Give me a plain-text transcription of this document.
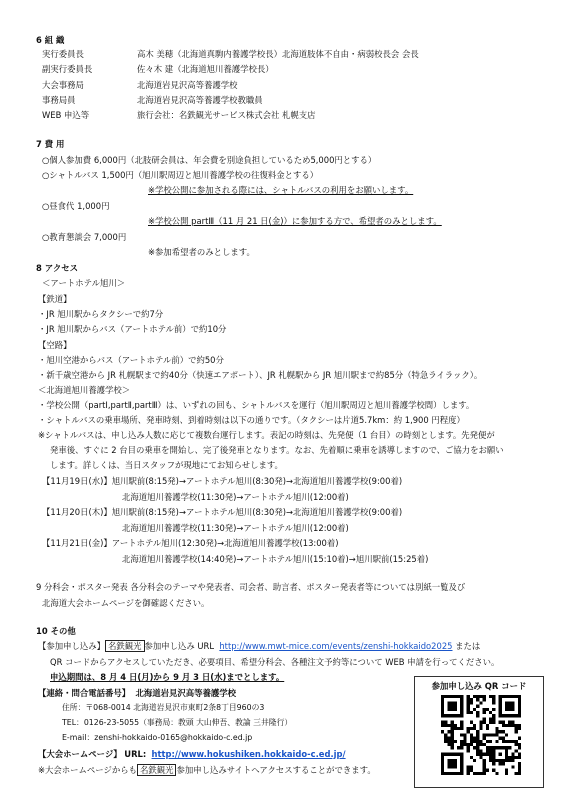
6 組 織
実行委員長	高木 美穂（北海道真駒内養護学校長）北海道肢体不自由・病弱校長会 会長
副実行委員長	佐々木 建（北海道旭川養護学校長）
大会事務局	北海道岩見沢高等養護学校
事務局員	北海道岩見沢高等養護学校教職員
WEB 申込等	旅行会社：名鉄観光サービス株式会社 札幌支店
7 費 用
○個人参加費 6,000円（北肢研会員は、年会費を別途負担しているため5,000円とする）
○シャトルバス 1,500円（旭川駅周辺と旭川養護学校の往復料金とする）
※学校公開に参加される際には、シャトルバスの利用をお願いします。
○昼食代 1,000円
※学校公開 partⅢ（11 月 21 日(金)）に参加する方で、希望者のみとします。
○教育懇談会 7,000円
※参加希望者のみとします。
8 アクセス
＜アートホテル旭川＞
【鉄道】
・JR 旭川駅からタクシーで約7分
・JR 旭川駅からバス（アートホテル前）で約10分
【空路】
・旭川空港からバス（アートホテル前）で約50分
・新千歳空港から JR 札幌駅まで約40分（快速エアポート）、JR 札幌駅から JR 旭川駅まで約85分（特急ライラック）。
＜北海道旭川養護学校＞
・学校公開（partⅠ,partⅡ,partⅢ）は、いずれの回も、シャトルバスを運行（旭川駅周辺と旭川養護学校間）します。
・シャトルバスの乗車場所、発車時刻、到着時刻は以下の通りです。（タクシーは片道5.7km：約 1,900 円程度）
※シャトルバスは、申し込み人数に応じて複数台運行します。表記の時刻は、先発便（1 台目）の時刻とします。先発便が
発車後、すぐに 2 台目の乗車を開始し、完了後発車となります。なお、先着順に乗車を誘導しますので、ご協力をお願い
します。詳しくは、当日スタッフが現地にてお知らせします。
【11月19日(水)】旭川駅前(8:15発)→アートホテル旭川(8:30発)→北海道旭川養護学校(9:00着)
北海道旭川養護学校(11:30発)→アートホテル旭川(12:00着)
【11月20日(木)】旭川駅前(8:15発)→アートホテル旭川(8:30発)→北海道旭川養護学校(9:00着)
北海道旭川養護学校(11:30発)→アートホテル旭川(12:00着)
【11月21日(金)】アートホテル旭川(12:30発)→北海道旭川養護学校(13:00着)
北海道旭川養護学校(14:40発)→アートホテル旭川(15:10着)→旭川駅前(15:25着)
9 分科会・ポスター発表 各分科会のテーマや発表者、司会者、助言者、ポスター発表者等については別紙一覧及び
北海道大会ホームページを御確認ください。
10 その他
【参加申し込み】 名鉄観光 参加申し込み URL http://www.mwt-mice.com/events/zenshi-hokkaido2025 または
QR コードからアクセスしていただき、必要項目、希望分科会、各種注文予約等について WEB 申請を行ってください。
申込期間は、8 月 4 日(月)から 9 月 3 日(水)までとします。
【連絡・問合電話番号】 北海道岩見沢高等養護学校
住所：〒068-0014 北海道岩見沢市東町2条8丁目960の3
TEL：0126-23-5055（事務局：教頭 大山伸吾、教論 三井隆行）
E-mail：zenshi-hokkaido-0165@hokkaido-c.ed.jp
【大会ホームページ】 URL: http://www.hokushiken.hokkaido-c.ed.jp/
※大会ホームページからも 名鉄観光 参加申し込みサイトへアクセスすることができます。
参加申し込み QR コード
